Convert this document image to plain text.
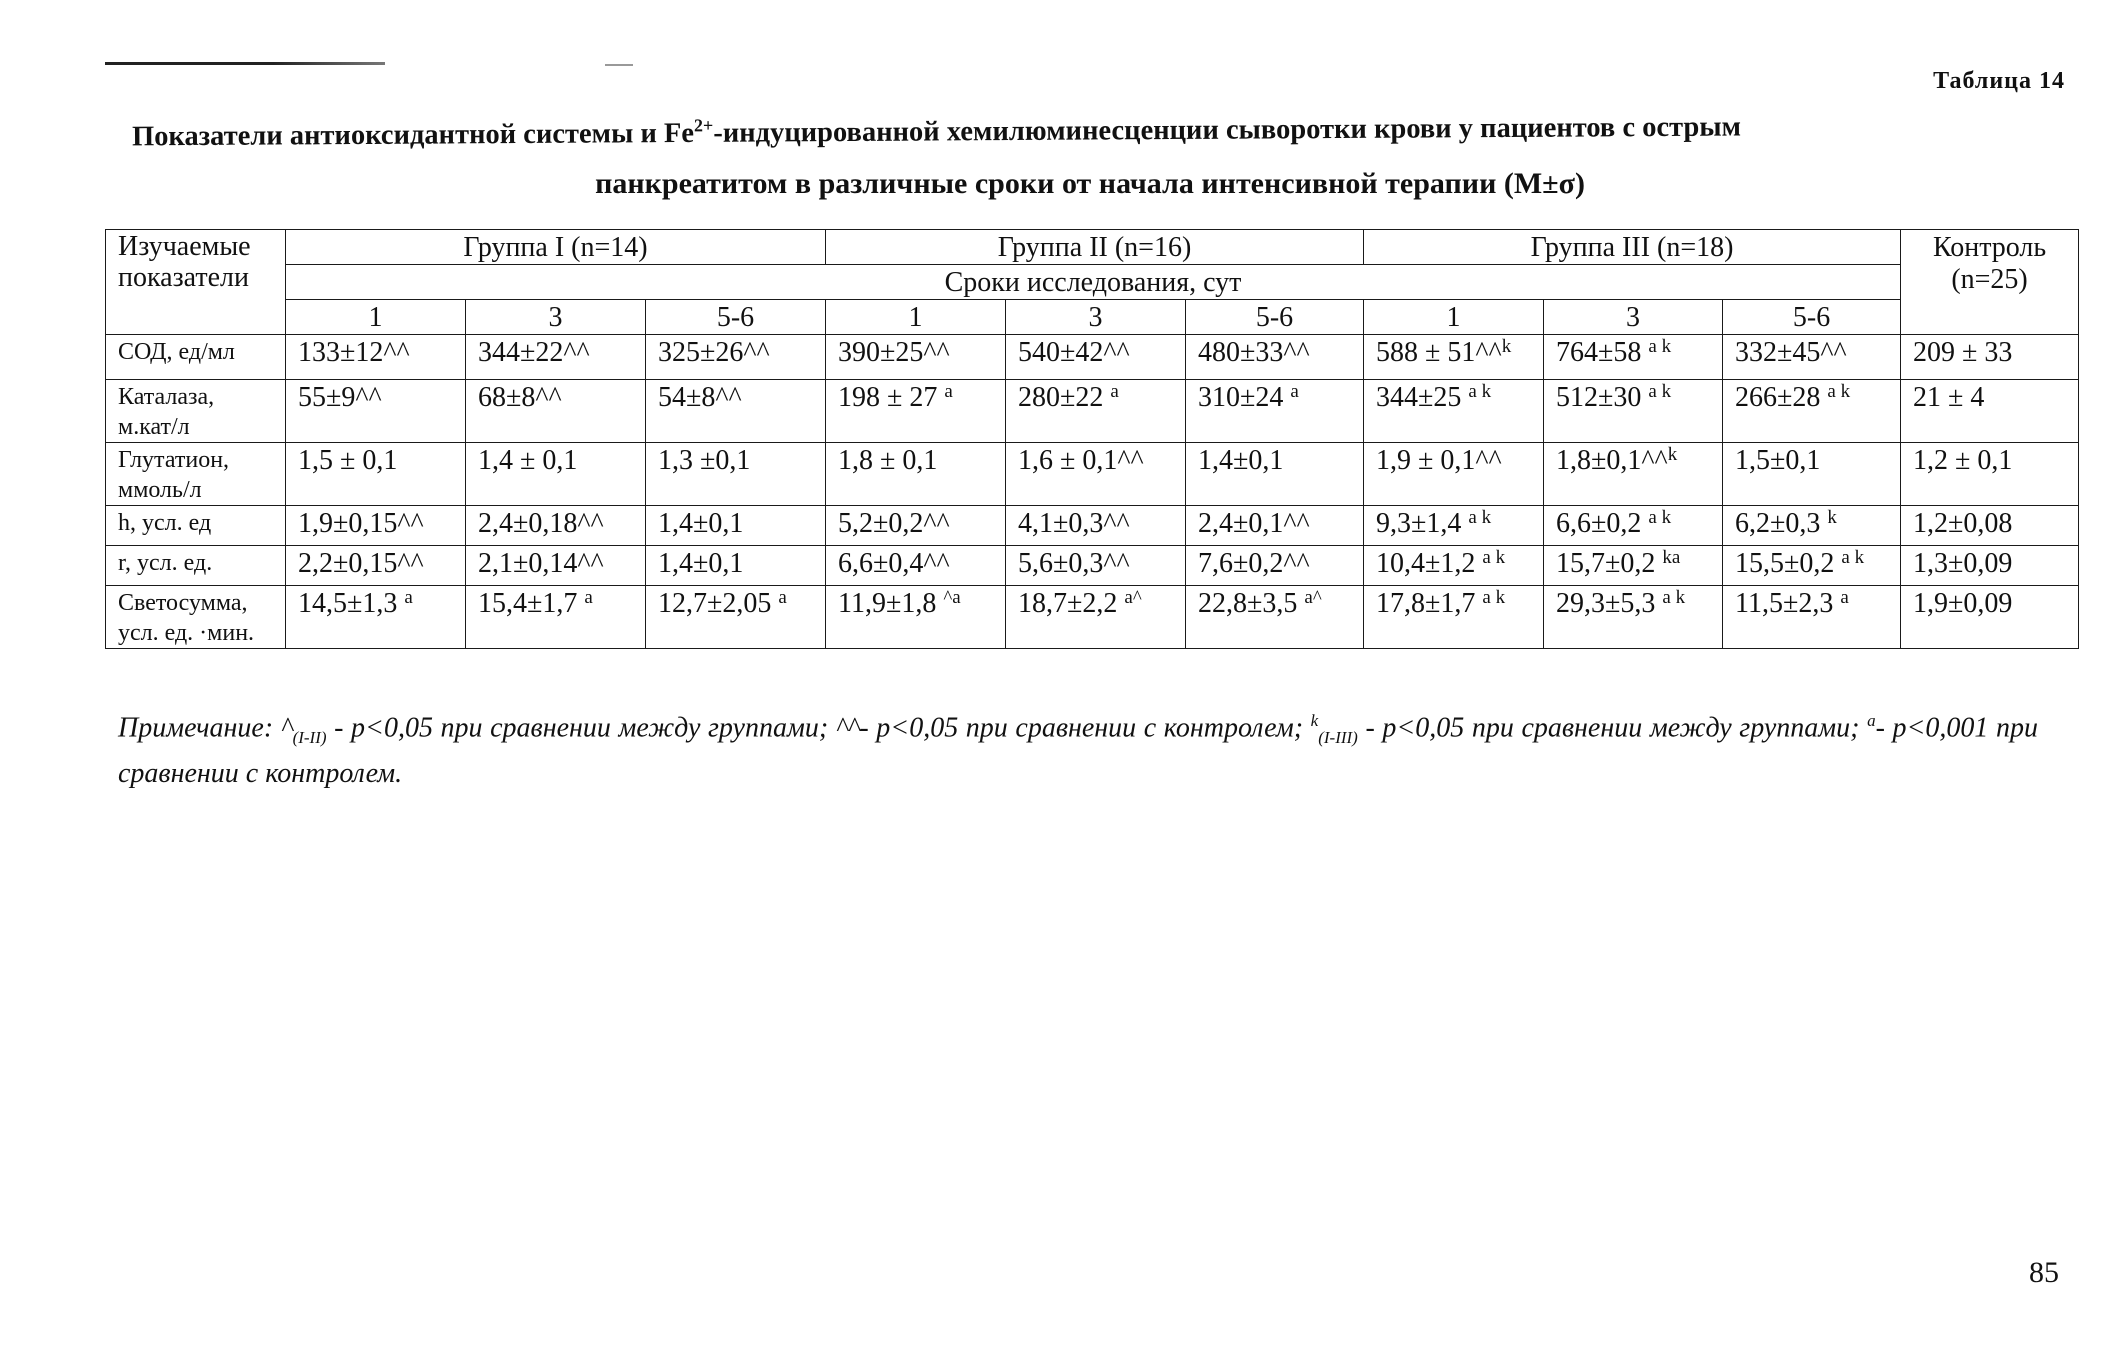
Таблица 14
Показатели антиоксидантной системы и $Fe^{2+}$-индуцированной хемилюминесценции сыворотки крови у пациентов с острым
панкреатитом в различные сроки от начала интенсивной терапии (M±σ)
Изучаемые показатели	Группа I (n=14)			Группа II (n=16)			Группа III (n=18)			Контроль (n=25)
	Сроки исследования, сут									
	1	3	5-6	1	3	5-6	1	3	5-6	
СОД, ед/мл	133±12^^	344±22^^	325±26^^	390±25^^	540±42^^	480±33^^	588 ± 51^^$^k$	764±58 $^{a k}$	332±45^^	209 ± 33
Каталаза, м.кат/л	55±9^^	68±8^^	54±8^^	198 ± 27 $^a$	280±22 $^a$	310±24 $^a$	344±25 $^{a k}$	512±30 $^{a k}$	266±28 $^{a k}$	21 ± 4
Глутатион, ммоль/л	1,5 ± 0,1	1,4 ± 0,1	1,3 ±0,1	1,8 ± 0,1	1,6 ± 0,1^^	1,4±0,1	1,9 ± 0,1^^	1,8±0,1^^$^k$	1,5±0,1	1,2 ± 0,1
h, усл. ед	1,9±0,15^^	2,4±0,18^^	1,4±0,1	5,2±0,2^^	4,1±0,3^^	2,4±0,1^^	9,3±1,4 $^{a k}$	6,6±0,2 $^{a k}$	6,2±0,3 $^k$	1,2±0,08
r, усл. ед.	2,2±0,15^^	2,1±0,14^^	1,4±0,1	6,6±0,4^^	5,6±0,3^^	7,6±0,2^^	10,4±1,2 $^{a k}$	15,7±0,2 $^{ka}$	15,5±0,2 $^{a k}$	1,3±0,09
Светосумма, усл. ед. ·мин.	14,5±1,3 $^a$	15,4±1,7 $^a$	12,7±2,05 $^a$	11,9±1,8 $^{\^{}a}$	18,7±2,2 $^{a\^{}}$	22,8±3,5 $^{a\^{}}$	17,8±1,7 $^{a k}$	29,3±5,3 $^{a k}$	11,5±2,3 $^a$	1,9±0,09
Примечание: $\^{}_{(I-II)} - р<0,05$ при сравнении между группами; ^^- р<0,05 при сравнении с контролем; $^k_{(I-III)}$ - р<0,05 при сравнении между группами; $^a$- р<0,001 при сравнении с контролем.
85
